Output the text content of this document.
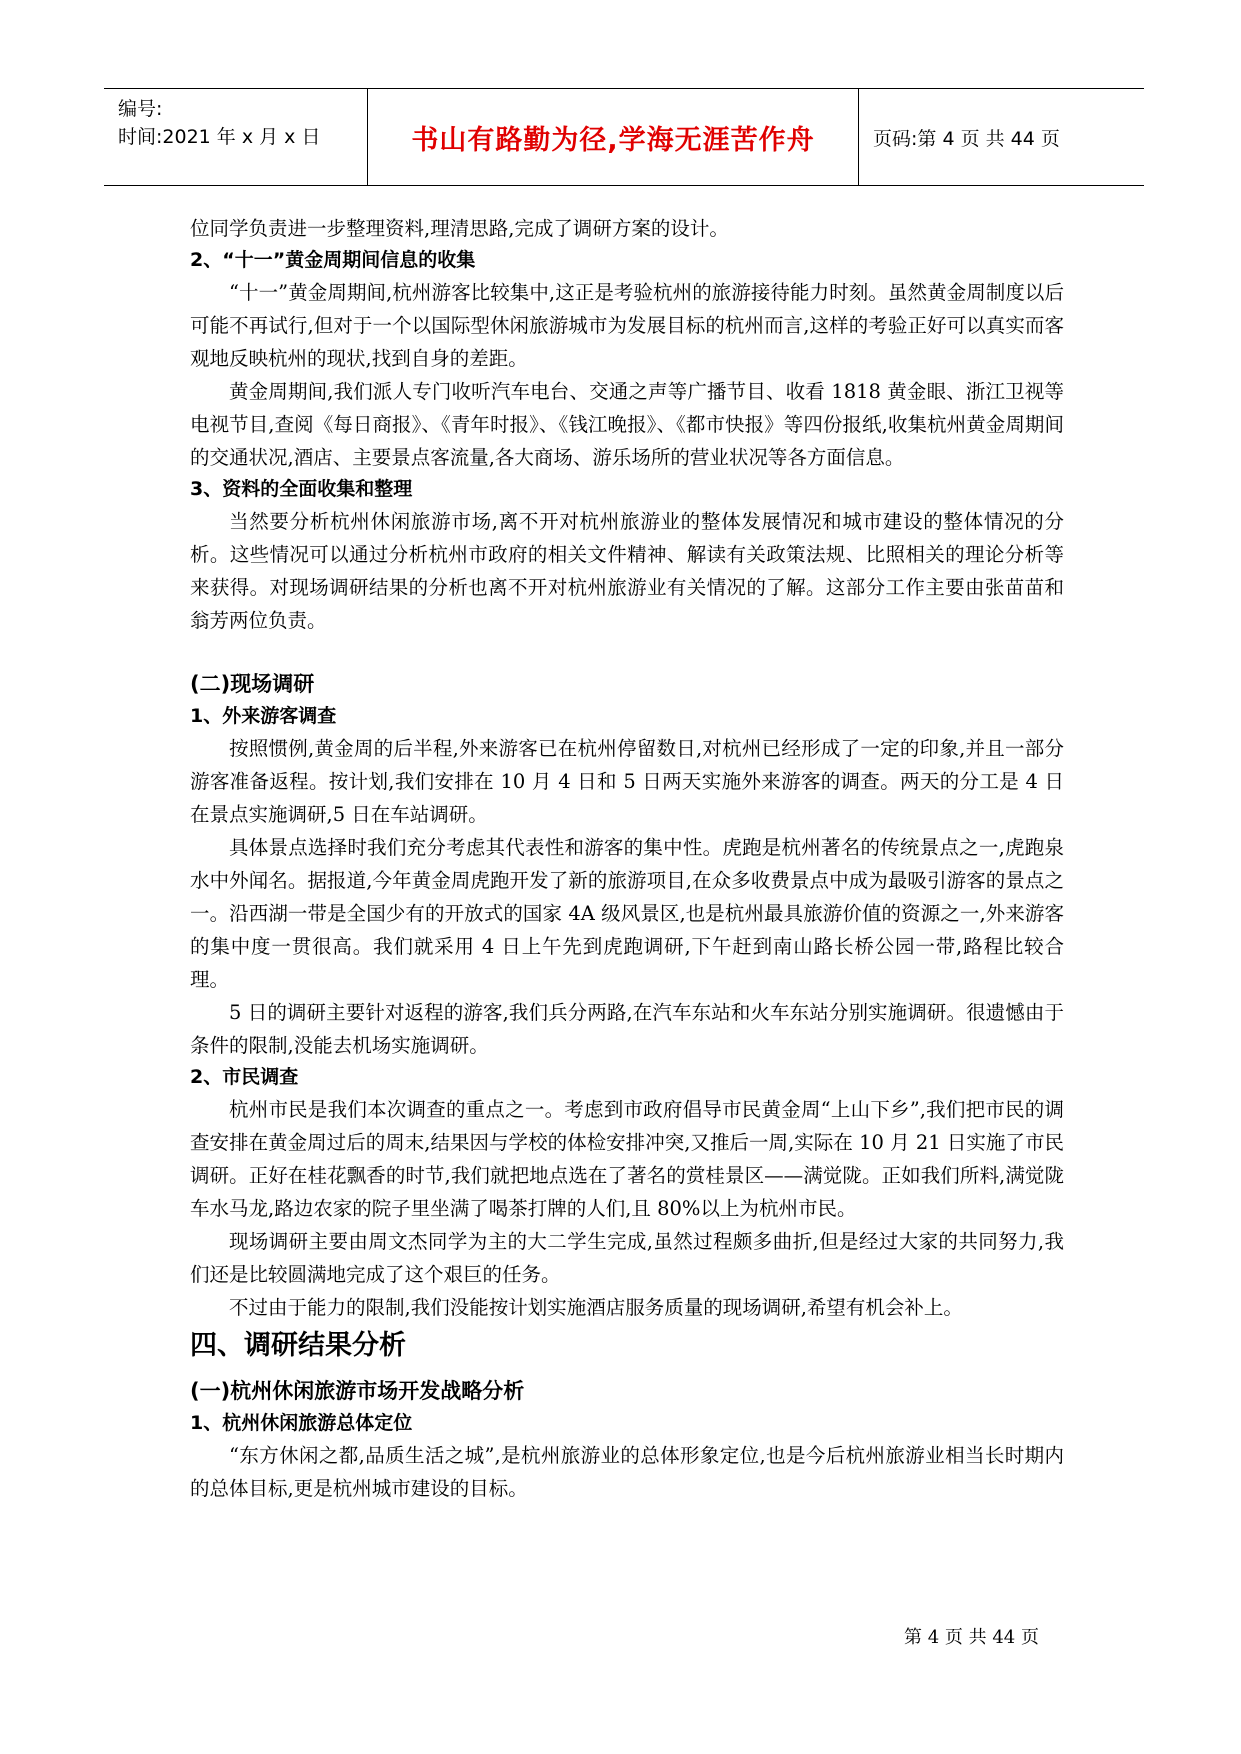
编号:
时间:2021 年 x 月 x 日	书山有路勤为径,学海无涯苦作舟	页码:第 4 页 共 44 页

位同学负责进一步整理资料,理清思路,完成了调研方案的设计。

2、“十一”黄金周期间信息的收集

“十一”黄金周期间,杭州游客比较集中,这正是考验杭州的旅游接待能力时刻。虽然黄金周制度以后可能不再试行,但对于一个以国际型休闲旅游城市为发展目标的杭州而言,这样的考验正好可以真实而客观地反映杭州的现状,找到自身的差距。

黄金周期间,我们派人专门收听汽车电台、交通之声等广播节目、收看 1818 黄金眼、浙江卫视等电视节目,查阅《每日商报》、《青年时报》、《钱江晚报》、《都市快报》等四份报纸,收集杭州黄金周期间的交通状况,酒店、主要景点客流量,各大商场、游乐场所的营业状况等各方面信息。

3、资料的全面收集和整理

当然要分析杭州休闲旅游市场,离不开对杭州旅游业的整体发展情况和城市建设的整体情况的分析。这些情况可以通过分析杭州市政府的相关文件精神、解读有关政策法规、比照相关的理论分析等来获得。对现场调研结果的分析也离不开对杭州旅游业有关情况的了解。这部分工作主要由张苗苗和翁芳两位负责。

(二)现场调研

1、外来游客调查

按照惯例,黄金周的后半程,外来游客已在杭州停留数日,对杭州已经形成了一定的印象,并且一部分游客准备返程。按计划,我们安排在 10 月 4 日和 5 日两天实施外来游客的调查。两天的分工是 4 日在景点实施调研,5 日在车站调研。

具体景点选择时我们充分考虑其代表性和游客的集中性。虎跑是杭州著名的传统景点之一,虎跑泉水中外闻名。据报道,今年黄金周虎跑开发了新的旅游项目,在众多收费景点中成为最吸引游客的景点之一。沿西湖一带是全国少有的开放式的国家 4A 级风景区,也是杭州最具旅游价值的资源之一,外来游客的集中度一贯很高。我们就采用 4 日上午先到虎跑调研,下午赶到南山路长桥公园一带,路程比较合理。

5 日的调研主要针对返程的游客,我们兵分两路,在汽车东站和火车东站分别实施调研。很遗憾由于条件的限制,没能去机场实施调研。

2、市民调查

杭州市民是我们本次调查的重点之一。考虑到市政府倡导市民黄金周“上山下乡”,我们把市民的调查安排在黄金周过后的周末,结果因与学校的体检安排冲突,又推后一周,实际在 10 月 21 日实施了市民调研。正好在桂花飘香的时节,我们就把地点选在了著名的赏桂景区——满觉陇。正如我们所料,满觉陇车水马龙,路边农家的院子里坐满了喝茶打牌的人们,且 80%以上为杭州市民。

现场调研主要由周文杰同学为主的大二学生完成,虽然过程颇多曲折,但是经过大家的共同努力,我们还是比较圆满地完成了这个艰巨的任务。

不过由于能力的限制,我们没能按计划实施酒店服务质量的现场调研,希望有机会补上。

四、调研结果分析

(一)杭州休闲旅游市场开发战略分析

1、杭州休闲旅游总体定位

“东方休闲之都,品质生活之城”,是杭州旅游业的总体形象定位,也是今后杭州旅游业相当长时期内的总体目标,更是杭州城市建设的目标。

第 4 页 共 44 页
